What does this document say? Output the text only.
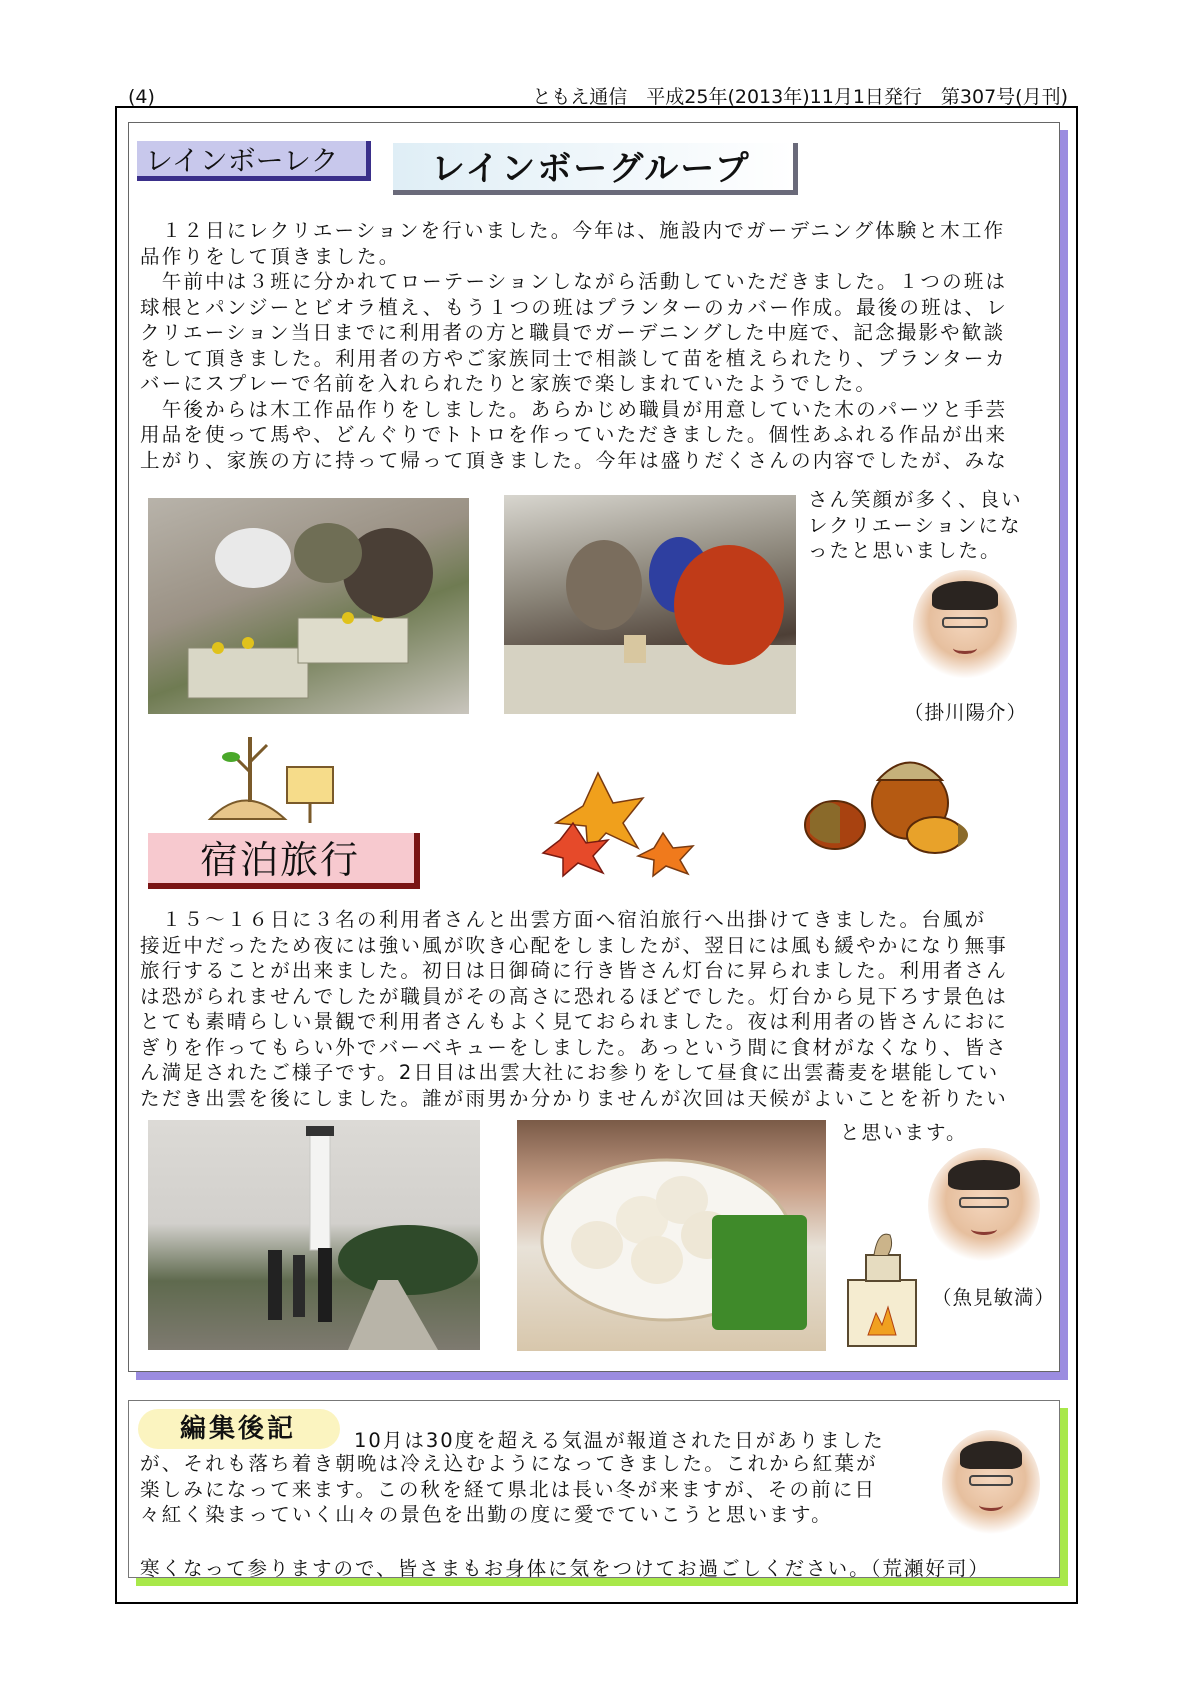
(4)	ともえ通信　平成25年(2013年)11月1日発行　第307号(月刊)
レインボーレク	レインボーグループ
　１２日にレクリエーションを行いました。今年は、施設内でガーデニング体験と木工作
品作りをして頂きました。
　午前中は３班に分かれてローテーションしながら活動していただきました。１つの班は
球根とパンジーとビオラ植え、もう１つの班はプランターのカバー作成。最後の班は、レ
クリエーション当日までに利用者の方と職員でガーデニングした中庭で、記念撮影や歓談
をして頂きました。利用者の方やご家族同士で相談して苗を植えられたり、プランターカ
バーにスプレーで名前を入れられたりと家族で楽しまれていたようでした。
　午後からは木工作品作りをしました。あらかじめ職員が用意していた木のパーツと手芸
用品を使って馬や、どんぐりでトトロを作っていただきました。個性あふれる作品が出来
上がり、家族の方に持って帰って頂きました。今年は盛りだくさんの内容でしたが、みな
さん笑顔が多く、良い
レクリエーションにな
ったと思いました。
（掛川陽介）
宿泊旅行
　１５～１６日に３名の利用者さんと出雲方面へ宿泊旅行へ出掛けてきました。台風が
接近中だったため夜には強い風が吹き心配をしましたが、翌日には風も緩やかになり無事
旅行することが出来ました。初日は日御碕に行き皆さん灯台に昇られました。利用者さん
は恐がられませんでしたが職員がその高さに恐れるほどでした。灯台から見下ろす景色は
とても素晴らしい景観で利用者さんもよく見ておられました。夜は利用者の皆さんにおに
ぎりを作ってもらい外でバーベキューをしました。あっという間に食材がなくなり、皆さ
ん満足されたご様子です。2日目は出雲大社にお参りをして昼食に出雲蕎麦を堪能してい
ただき出雲を後にしました。誰が雨男か分かりませんが次回は天候がよいことを祈りたい
と思います。
（魚見敏満）
編集後記	10月は30度を超える気温が報道された日がありました
が、それも落ち着き朝晩は冷え込むようになってきました。これから紅葉が
楽しみになって来ます。この秋を経て県北は長い冬が来ますが、その前に日
々紅く染まっていく山々の景色を出勤の度に愛でていこうと思います。
寒くなって参りますので、皆さまもお身体に気をつけてお過ごしください。（荒瀬好司）
